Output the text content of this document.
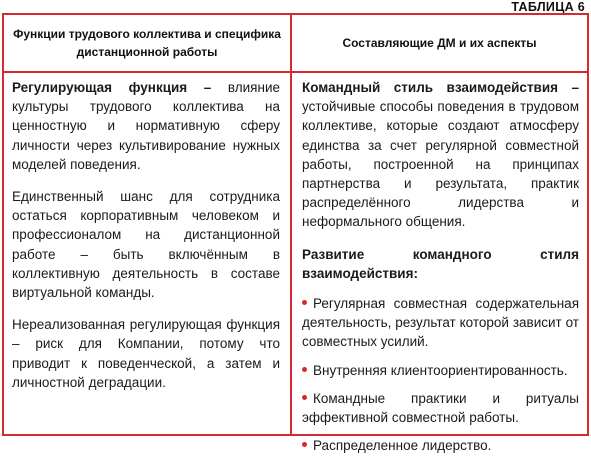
ТАБЛИЦА 6
Функции трудового коллектива и специфика дистанционной работы
Составляющие ДМ и их аспекты

Регулирующая функция – влияние культуры трудового коллектива на ценностную и нормативную сферу личности через культивирование нужных моделей поведения.

Единственный шанс для сотрудника остаться корпоративным человеком и профессионалом на дистанционной работе – быть включённым в коллективную деятельность в составе виртуальной команды.

Нереализованная регулирующая функция – риск для Компании, потому что приводит к поведенческой, а затем и личностной деградации.

Командный стиль взаимодействия – устойчивые способы поведения в трудовом коллективе, которые создают атмосферу единства за счет регулярной совместной работы, построенной на принципах партнерства и результата, практик распределённого лидерства и неформального общения.

Развитие командного стиля взаимодействия:

Регулярная совместная содержательная деятельность, результат которой зависит от совместных усилий.
Внутренняя клиентоориентированность.
Командные практики и ритуалы эффективной совместной работы.
Распределенное лидерство.
